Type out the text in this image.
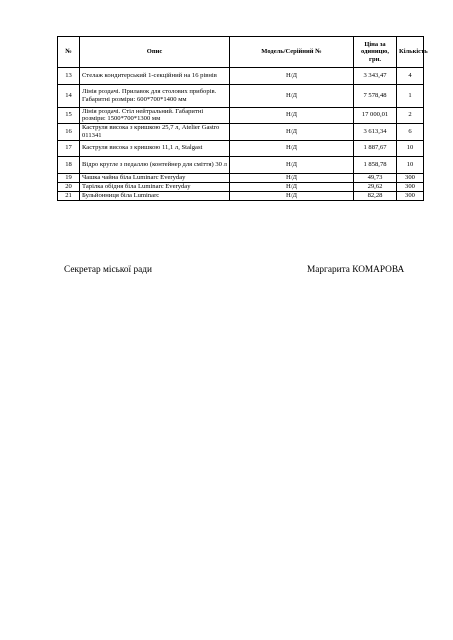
№	Опис	Модель/Серійний №	Ціна за одиницю, грн.	Кількість
13	Стелаж кондитерський 1-секційний на 16 рівнів	Н/Д	3 343,47	4
14	Лінія роздачі. Прилавок для столових приборів. Габаритні розміри: 600*700*1400 мм	Н/Д	7 578,48	1
15	Лінія роздачі. Стіл нейтральний. Габаритні розміри: 1500*700*1300 мм	Н/Д	17 000,01	2
16	Каструля висока з кришкою 25,7 л, Atelier Gastro 011341	Н/Д	3 613,34	6
17	Каструля висока з кришкою 11,1 л, Stalgast	Н/Д	1 887,67	10
18	Відро кругле з педаллю (контейнер для сміття) 30 л	Н/Д	1 858,78	10
19	Чашка чайна біла Luminarc Everyday	Н/Д	49,73	300
20	Тарілка обідня біла Luminarc Everyday	Н/Д	29,62	300
21	Бульйонниця біла Luminarc	Н/Д	82,28	300
Секретар міської ради	Маргарита КОМАРОВА
